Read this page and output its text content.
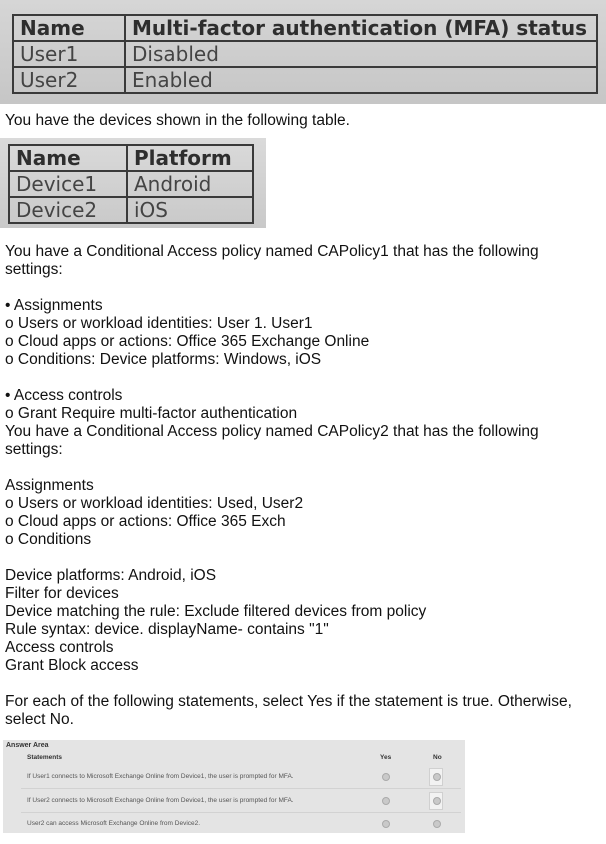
Name	Multi-factor authentication (MFA) status
User1	Disabled
User2	Enabled

You have the devices shown in the following table.

Name	Platform
Device1	Android
Device2	iOS

You have a Conditional Access policy named CAPolicy1 that has the following

settings:

• Assignments

o Users or workload identities: User 1. User1

o Cloud apps or actions: Office 365 Exchange Online

o Conditions: Device platforms: Windows, iOS

• Access controls

o Grant Require multi-factor authentication

You have a Conditional Access policy named CAPolicy2 that has the following

settings:

Assignments

o Users or workload identities: Used, User2

o Cloud apps or actions: Office 365 Exch

o Conditions

Device platforms: Android, iOS

Filter for devices

Device matching the rule: Exclude filtered devices from policy

Rule syntax: device. displayName- contains "1"

Access controls

Grant Block access

For each of the following statements, select Yes if the statement is true. Otherwise,

select No.

Answer Area
Statements	Yes	No
If User1 connects to Microsoft Exchange Online from Device1, the user is prompted for MFA.
If User2 connects to Microsoft Exchange Online from Device1, the user is prompted for MFA.
User2 can access Microsoft Exchange Online from Device2.
